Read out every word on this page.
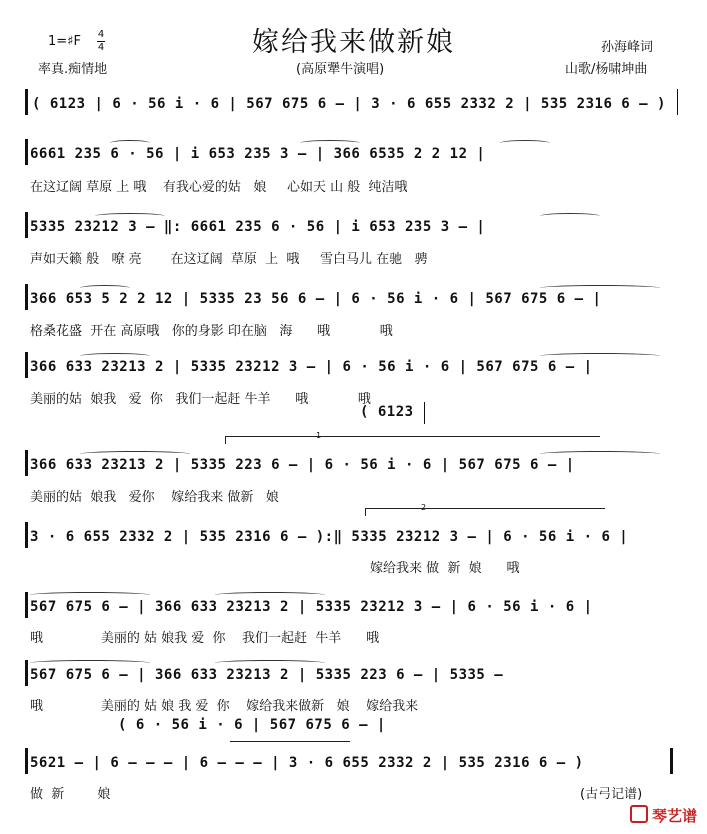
嫁给我来做新娘
1=♯F 4
4	孙海峰词
率真.痴情地	(高原犟牛演唱)	山歌/杨啸坤曲
( 6123 | 6 · 56 i · 6 | 567 675 6 – | 3 · 6 655 2332 2 | 535 2316 6 – )
6661 235 6 · 56 | i 653 235 3 – | 366 6535 2 2 12 |
在这辽阔 草原 上 哦    有我心爱的姑   娘     心如天 山 般  纯洁哦
5335 23212 3 – ‖: 6661 235 6 · 56 | i 653 235 3 – |
声如天籁 般   嘹 亮       在这辽阔  草原  上  哦     雪白马儿 在驰   骋
366 653 5 2 2 12 | 5335 23 56 6 – | 6 · 56 i · 6 | 567 675 6 – |
格桑花盛  开在 高原哦   你的身影 印在脑   海      哦            哦
366 633 23213 2 | 5335 23212 3 – | 6 · 56 i · 6 | 567 675 6 – |
美丽的姑  娘我   爱  你   我们一起赶 牛羊      哦            哦
( 6123
1
366 633 23213 2 | 5335 223 6 – | 6 · 56 i · 6 | 567 675 6 – |
美丽的姑  娘我   爱你    嫁给我来 做新   娘
2
3 · 6 655 2332 2 | 535 2316 6 – ):‖ 5335 23212 3 – | 6 · 56 i · 6 |
嫁给我来 做  新  娘      哦
567 675 6 – | 366 633 23213 2 | 5335 23212 3 – | 6 · 56 i · 6 |
哦              美丽的 姑 娘我 爱  你    我们一起赶  牛羊      哦
567 675 6 – | 366 633 23213 2 | 5335 223 6 – | 5335 –
哦              美丽的 姑 娘 我 爱  你    嫁给我来做新   娘    嫁给我来
( 6 · 56 i · 6 | 567 675 6 – |
5621 – | 6 – – – | 6 – – – | 3 · 6 655 2332 2 | 535 2316 6 – )
做  新        娘	(古弓记谱)
琴艺谱
